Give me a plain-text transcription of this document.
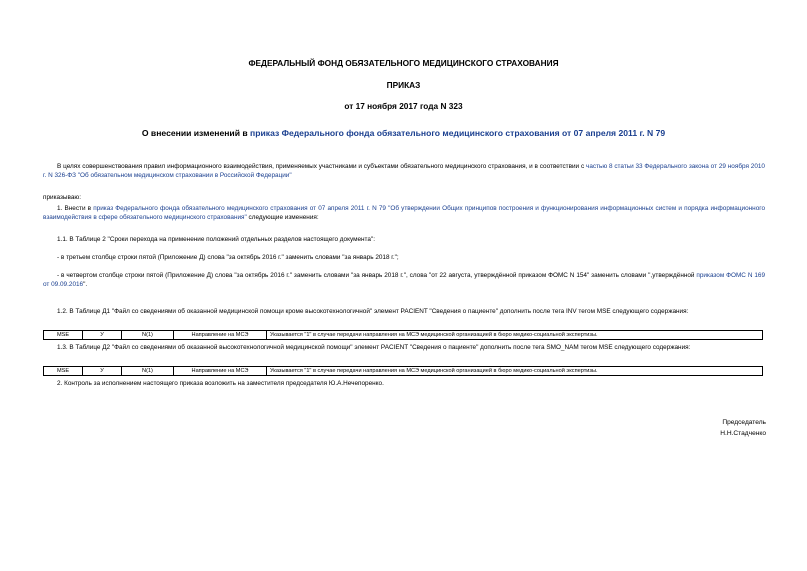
ФЕДЕРАЛЬНЫЙ ФОНД ОБЯЗАТЕЛЬНОГО МЕДИЦИНСКОГО СТРАХОВАНИЯ
ПРИКАЗ
от 17 ноября 2017 года N 323
О внесении изменений в приказ Федерального фонда обязательного медицинского страхования от 07 апреля 2011 г. N 79
В целях совершенствования правил информационного взаимодействия, применяемых участниками и субъектами обязательного медицинского страхования, и в соответствии с частью 8 статьи 33 Федерального закона от 29 ноября 2010 г. N 326-ФЗ "Об обязательном медицинском страховании в Российской Федерации"
приказываю:
1. Внести в приказ Федерального фонда обязательного медицинского страхования от 07 апреля 2011 г. N 79 "Об утверждении Общих принципов построения и функционирования информационных систем и порядка информационного взаимодействия в сфере обязательного медицинского страхования" следующие изменения:
1.1. В Таблице 2 "Сроки перехода на применение положений отдельных разделов настоящего документа":
- в третьем столбце строки пятой (Приложение Д) слова "за октябрь 2016 г." заменить словами "за январь 2018 г.";
- в четвертом столбце строки пятой (Приложение Д) слова "за октябрь 2016 г." заменить словами "за январь 2018 г.", слова "от 22 августа, утверждённой приказом ФОМС N 154" заменить словами ",утверждённой приказом ФОМС N 169 от 09.09.2016".
1.2. В Таблице Д1 "Файл со сведениями об оказанной медицинской помощи кроме высокотехнологичной" элемент PACIENT "Сведения о пациенте" дополнить после тега INV тегом MSE следующего содержания:
MSE	У	N(1)	Направление на МСЭ	Указывается "1" в случае передачи направления на МСЭ медицинской организацией в бюро медико-социальной экспертизы.
1.3. В Таблице Д2 "Файл со сведениями об оказанной высокотехнологичной медицинской помощи" элемент PACIENT "Сведения о пациенте" дополнить после тега SMO_NAM тегом MSE следующего содержания:
MSE	У	N(1)	Направление на МСЭ	Указывается "1" в случае передачи направления на МСЭ медицинской организацией в бюро медико-социальной экспертизы.
2. Контроль за исполнением настоящего приказа возложить на заместителя председателя Ю.А.Нечепоренко.
Председатель
Н.Н.Стадченко
